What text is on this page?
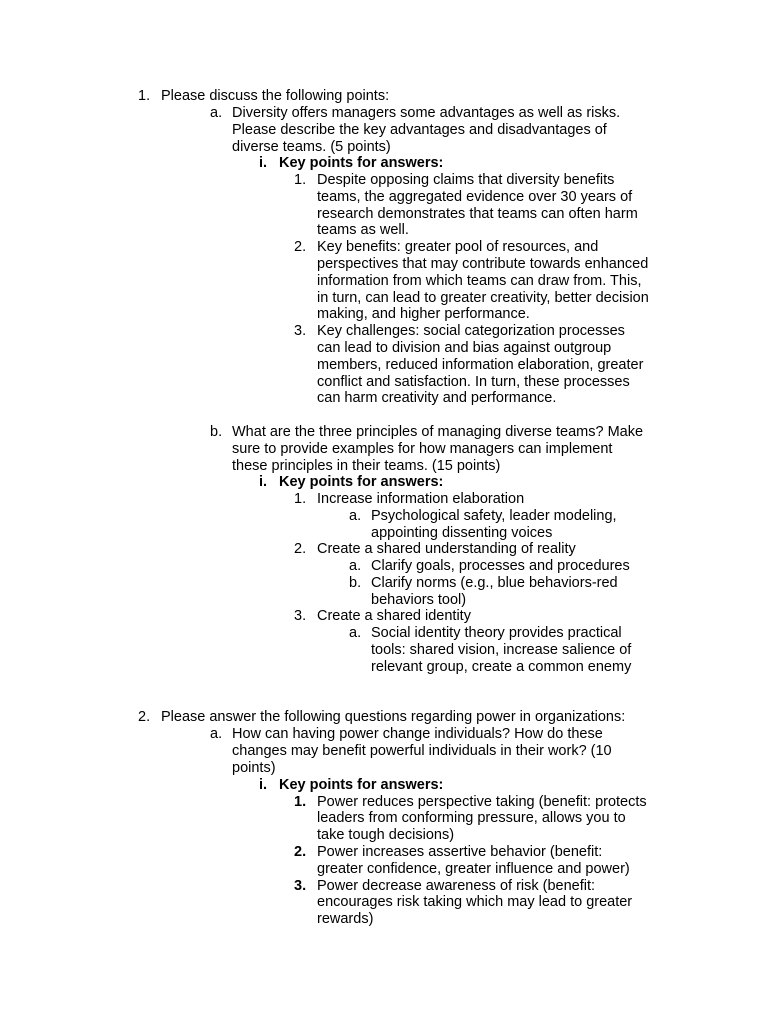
1. Please discuss the following points:
a. Diversity offers managers some advantages as well as risks.
Please describe the key advantages and disadvantages of
diverse teams. (5 points)
i. Key points for answers:
1. Despite opposing claims that diversity benefits
teams, the aggregated evidence over 30 years of
research demonstrates that teams can often harm
teams as well.
2. Key benefits: greater pool of resources, and
perspectives that may contribute towards enhanced
information from which teams can draw from. This,
in turn, can lead to greater creativity, better decision
making, and higher performance.
3. Key challenges: social categorization processes
can lead to division and bias against outgroup
members, reduced information elaboration, greater
conflict and satisfaction. In turn, these processes
can harm creativity and performance.
b. What are the three principles of managing diverse teams? Make
sure to provide examples for how managers can implement
these principles in their teams. (15 points)
i. Key points for answers:
1. Increase information elaboration
a. Psychological safety, leader modeling,
appointing dissenting voices
2. Create a shared understanding of reality
a. Clarify goals, processes and procedures
b. Clarify norms (e.g., blue behaviors-red
behaviors tool)
3. Create a shared identity
a. Social identity theory provides practical
tools: shared vision, increase salience of
relevant group, create a common enemy
2. Please answer the following questions regarding power in organizations:
a. How can having power change individuals? How do these
changes may benefit powerful individuals in their work? (10
points)
i. Key points for answers:
1. Power reduces perspective taking (benefit: protects
leaders from conforming pressure, allows you to
take tough decisions)
2. Power increases assertive behavior (benefit:
greater confidence, greater influence and power)
3. Power decrease awareness of risk (benefit:
encourages risk taking which may lead to greater
rewards)
